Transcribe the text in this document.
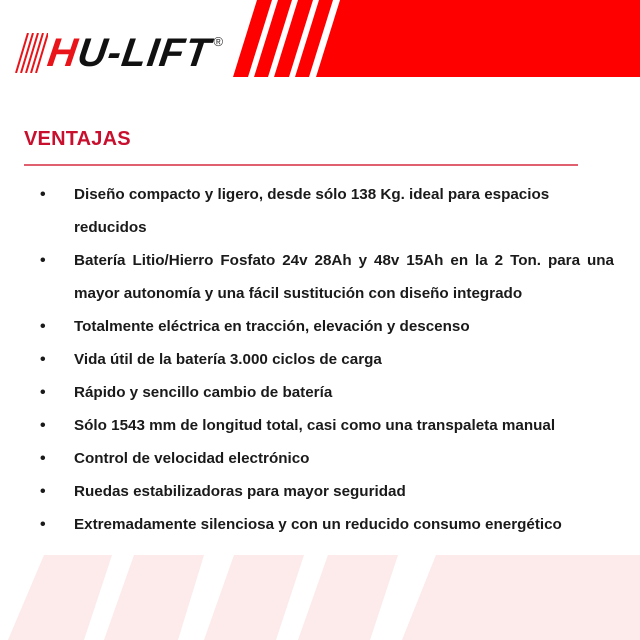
HU-LIFT ®
VENTAJAS
• Diseño compacto y ligero, desde sólo 138 Kg. ideal para espacios reducidos
• Batería Litio/Hierro Fosfato 24v 28Ah y 48v 15Ah en la 2 Ton. para una mayor autonomía y una fácil sustitución con diseño integrado
• Totalmente eléctrica en tracción, elevación y descenso
• Vida útil de la batería 3.000 ciclos de carga
• Rápido y sencillo cambio de batería
• Sólo 1543 mm de longitud total, casi como una transpaleta manual
• Control de velocidad electrónico
• Ruedas estabilizadoras para mayor seguridad
• Extremadamente silenciosa y con un reducido consumo energético
